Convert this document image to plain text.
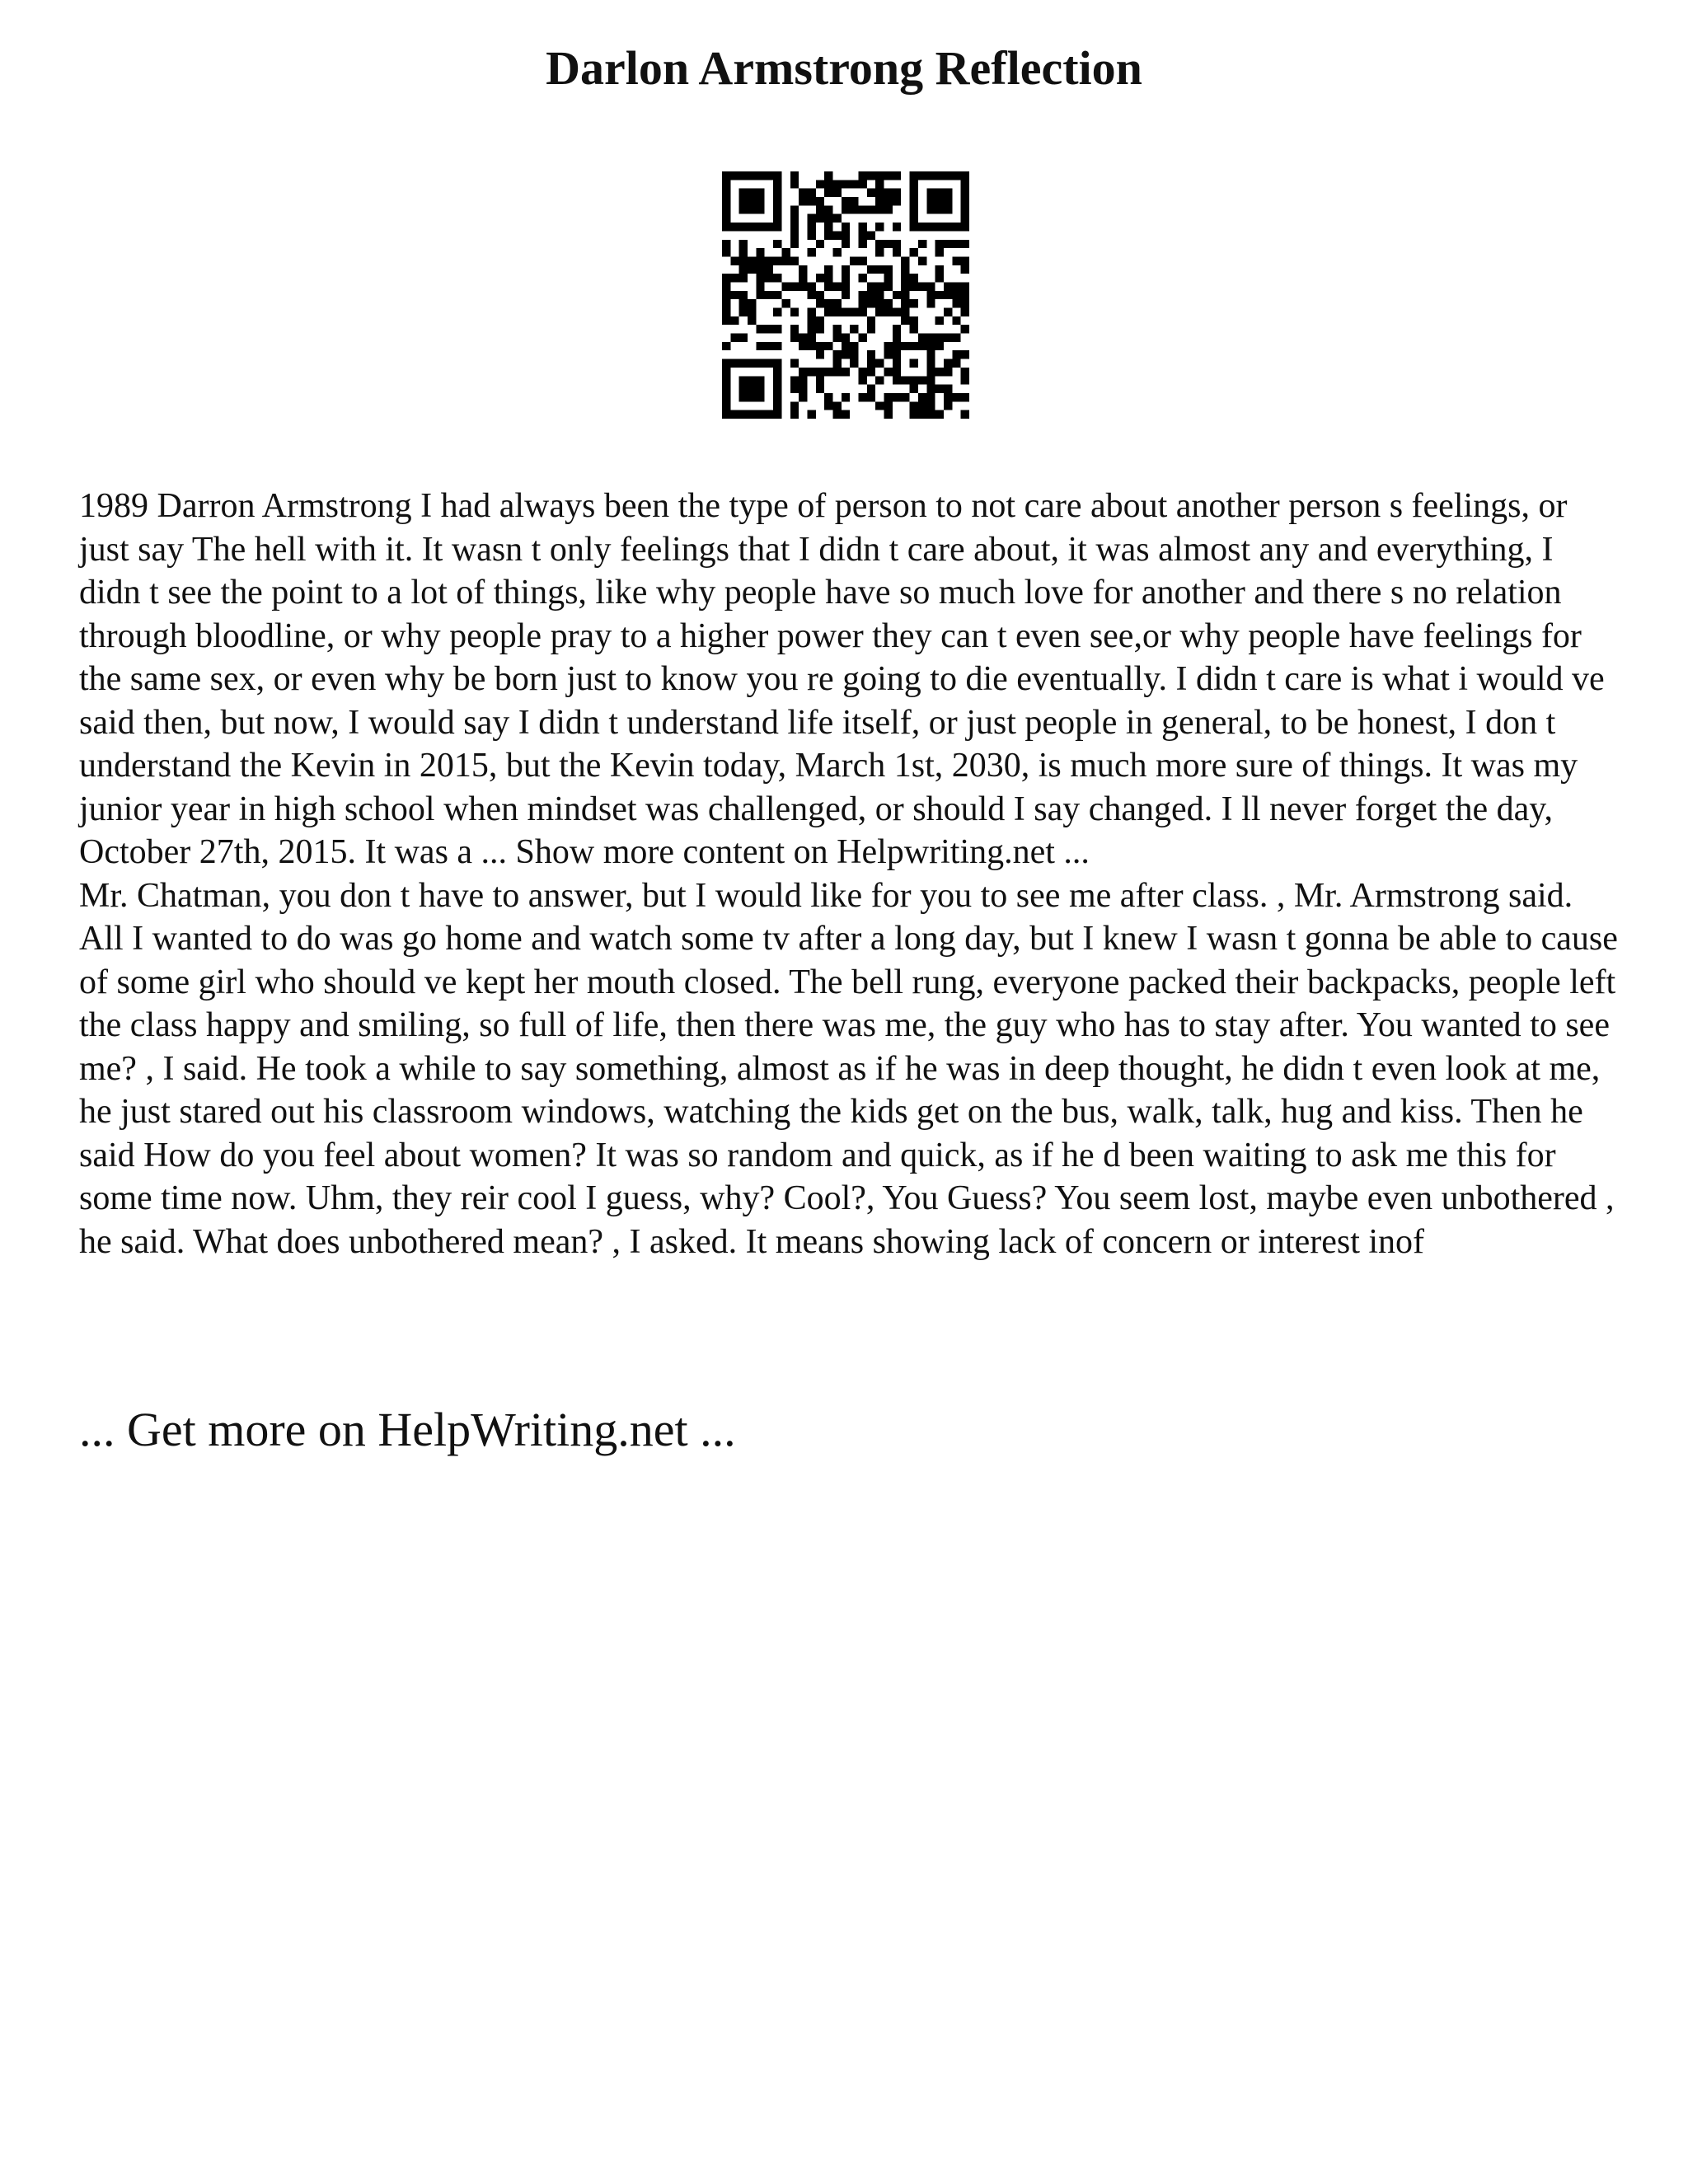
Darlon Armstrong Reflection

1989 Darron Armstrong I had always been the type of person to not care about another person s feelings, or just say The hell with it. It wasn t only feelings that I didn t care about, it was almost any and everything, I didn t see the point to a lot of things, like why people have so much love for another and there s no relation through bloodline, or why people pray to a higher power they can t even see,or why people have feelings for the same sex, or even why be born just to know you re going to die eventually. I didn t care is what i would ve said then, but now, I would say I didn t understand life itself, or just people in general, to be honest, I don t understand the Kevin in 2015, but the Kevin today, March 1st, 2030, is much more sure of things. It was my junior year in high school when mindset was challenged, or should I say changed. I ll never forget the day, October 27th, 2015. It was a ... Show more content on Helpwriting.net ...

Mr. Chatman, you don t have to answer, but I would like for you to see me after class. , Mr. Armstrong said. All I wanted to do was go home and watch some tv after a long day, but I knew I wasn t gonna be able to cause of some girl who should ve kept her mouth closed. The bell rung, everyone packed their backpacks, people left the class happy and smiling, so full of life, then there was me, the guy who has to stay after. You wanted to see me? , I said. He took a while to say something, almost as if he was in deep thought, he didn t even look at me, he just stared out his classroom windows, watching the kids get on the bus, walk, talk, hug and kiss. Then he said How do you feel about women? It was so random and quick, as if he d been waiting to ask me this for some time now. Uhm, they reir cool I guess, why? Cool?, You Guess? You seem lost, maybe even unbothered , he said. What does unbothered mean? , I asked. It means showing lack of concern or interest inof

... Get more on HelpWriting.net ...
